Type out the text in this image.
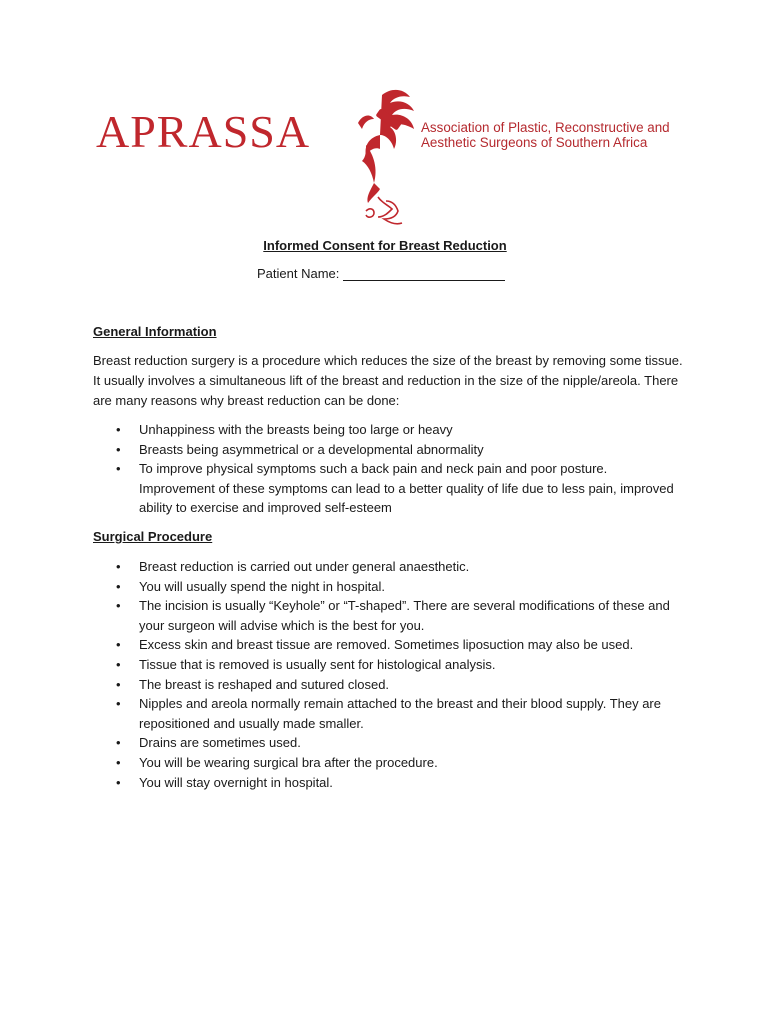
APRASSA	Association of Plastic, Reconstructive and
Aesthetic Surgeons of Southern Africa
Informed Consent for Breast Reduction
Patient Name:
General Information
Breast reduction surgery is a procedure which reduces the size of the breast by removing some tissue. It usually involves a simultaneous lift of the breast and reduction in the size of the nipple/areola. There are many reasons why breast reduction can be done:
• Unhappiness with the breasts being too large or heavy
• Breasts being asymmetrical or a developmental abnormality
• To improve physical symptoms such a back pain and neck pain and poor posture. Improvement of these symptoms can lead to a better quality of life due to less pain, improved ability to exercise and improved self-esteem
Surgical Procedure
• Breast reduction is carried out under general anaesthetic.
• You will usually spend the night in hospital.
• The incision is usually “Keyhole” or “T-shaped”. There are several modifications of these and your surgeon will advise which is the best for you.
• Excess skin and breast tissue are removed. Sometimes liposuction may also be used.
• Tissue that is removed is usually sent for histological analysis.
• The breast is reshaped and sutured closed.
• Nipples and areola normally remain attached to the breast and their blood supply. They are repositioned and usually made smaller.
• Drains are sometimes used.
• You will be wearing surgical bra after the procedure.
• You will stay overnight in hospital.
